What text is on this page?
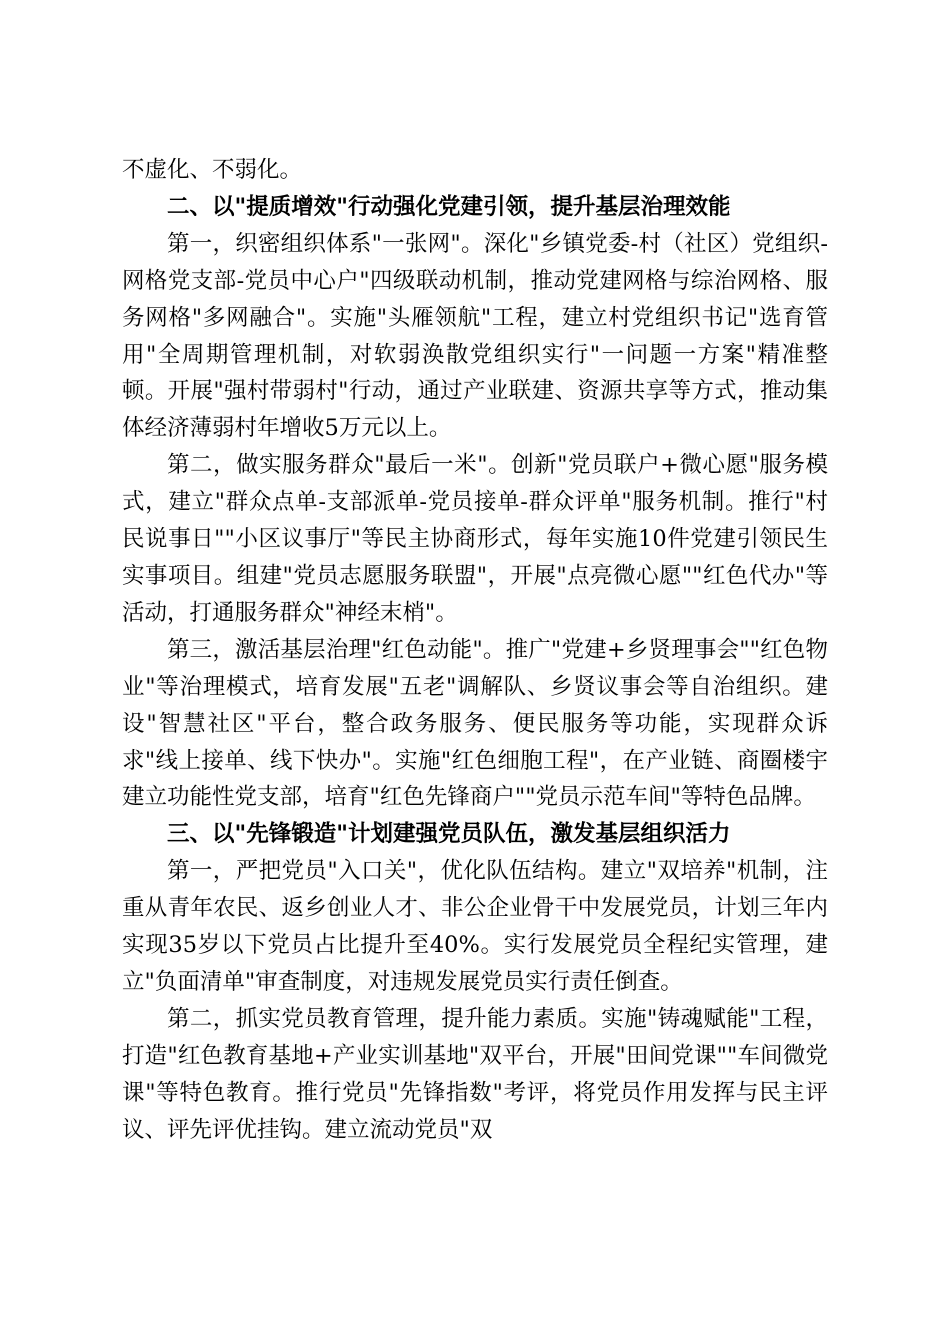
不虚化、不弱化。

二、以"提质增效"行动强化党建引领，提升基层治理效能

第一，织密组织体系"一张网"。深化"乡镇党委-村（社区）党组织-网格党支部-党员中心户"四级联动机制，推动党建网格与综治网格、服务网格"多网融合"。实施"头雁领航"工程，建立村党组织书记"选育管用"全周期管理机制，对软弱涣散党组织实行"一问题一方案"精准整顿。开展"强村带弱村"行动，通过产业联建、资源共享等方式，推动集体经济薄弱村年增收5万元以上。

第二，做实服务群众"最后一米"。创新"党员联户+微心愿"服务模式，建立"群众点单-支部派单-党员接单-群众评单"服务机制。推行"村民说事日""小区议事厅"等民主协商形式，每年实施10件党建引领民生实事项目。组建"党员志愿服务联盟"，开展"点亮微心愿""红色代办"等活动，打通服务群众"神经末梢"。

第三，激活基层治理"红色动能"。推广"党建+乡贤理事会""红色物业"等治理模式，培育发展"五老"调解队、乡贤议事会等自治组织。建设"智慧社区"平台，整合政务服务、便民服务等功能，实现群众诉求"线上接单、线下快办"。实施"红色细胞工程"，在产业链、商圈楼宇建立功能性党支部，培育"红色先锋商户""党员示范车间"等特色品牌。

三、以"先锋锻造"计划建强党员队伍，激发基层组织活力

第一，严把党员"入口关"，优化队伍结构。建立"双培养"机制，注重从青年农民、返乡创业人才、非公企业骨干中发展党员，计划三年内实现35岁以下党员占比提升至40%。实行发展党员全程纪实管理，建立"负面清单"审查制度，对违规发展党员实行责任倒查。

第二，抓实党员教育管理，提升能力素质。实施"铸魂赋能"工程，打造"红色教育基地+产业实训基地"双平台，开展"田间党课""车间微党课"等特色教育。推行党员"先锋指数"考评，将党员作用发挥与民主评议、评先评优挂钩。建立流动党员"双
